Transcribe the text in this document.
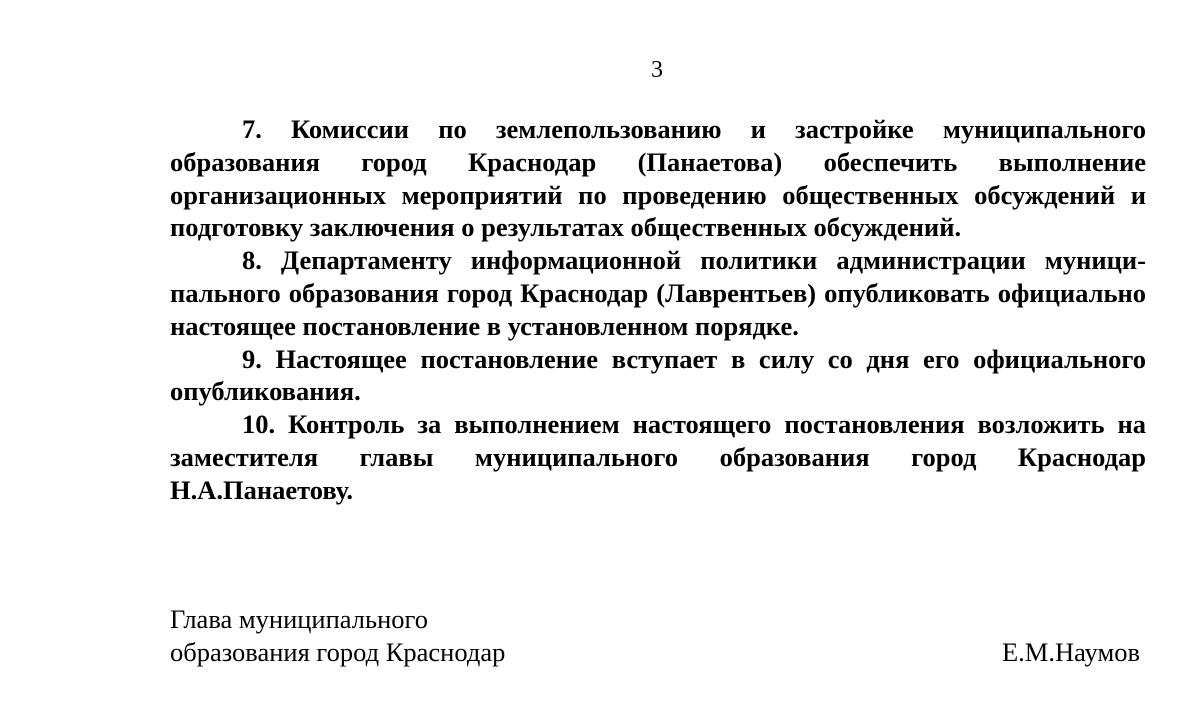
3
7. Комиссии по землепользованию и застройке муниципального
образования город Краснодар (Панаетова) обеспечить выполнение
организационных мероприятий по проведению общественных обсуждений и
подготовку заключения о результатах общественных обсуждений.
8. Департаменту информационной политики администрации муници-
пального образования город Краснодар (Лаврентьев) опубликовать официально
настоящее постановление в установленном порядке.
9. Настоящее постановление вступает в силу со дня его официального
опубликования.
10. Контроль за выполнением настоящего постановления возложить на
заместителя главы муниципального образования город Краснодар
Н.А.Панаетову.
Глава муниципального
образования город Краснодар	Е.М.Наумов
